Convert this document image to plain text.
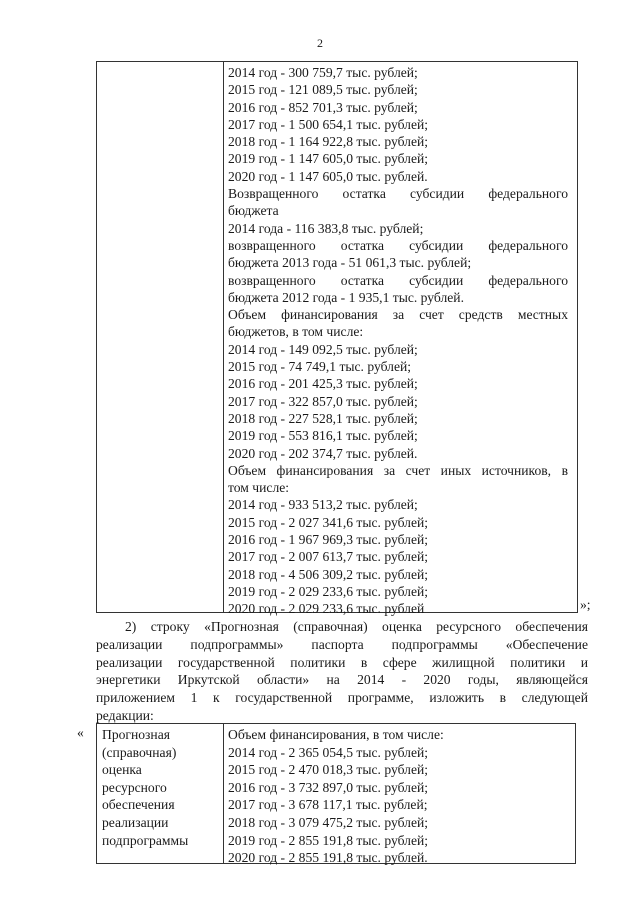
2
2014 год - 300 759,7 тыс. рублей;
2015 год - 121 089,5 тыс. рублей;
2016 год - 852 701,3 тыс. рублей;
2017 год - 1 500 654,1 тыс. рублей;
2018 год - 1 164 922,8 тыс. рублей;
2019 год - 1 147 605,0 тыс. рублей;
2020 год - 1 147 605,0 тыс. рублей.
Возвращенного остатка субсидии федерального
бюджета
2014 года - 116 383,8 тыс. рублей;
возвращенного остатка субсидии федерального
бюджета 2013 года - 51 061,3 тыс. рублей;
возвращенного остатка субсидии федерального
бюджета 2012 года - 1 935,1 тыс. рублей.
Объем финансирования за счет средств местных
бюджетов, в том числе:
2014 год - 149 092,5 тыс. рублей;
2015 год - 74 749,1 тыс. рублей;
2016 год - 201 425,3 тыс. рублей;
2017 год - 322 857,0 тыс. рублей;
2018 год - 227 528,1 тыс. рублей;
2019 год - 553 816,1 тыс. рублей;
2020 год - 202 374,7 тыс. рублей.
Объем финансирования за счет иных источников, в
том числе:
2014 год - 933 513,2 тыс. рублей;
2015 год - 2 027 341,6 тыс. рублей;
2016 год - 1 967 969,3 тыс. рублей;
2017 год - 2 007 613,7 тыс. рублей;
2018 год - 4 506 309,2 тыс. рублей;
2019 год - 2 029 233,6 тыс. рублей;
2020 год - 2 029 233,6 тыс. рублей	»;
2) строку «Прогнозная (справочная) оценка ресурсного обеспечения
реализации подпрограммы» паспорта подпрограммы «Обеспечение
реализации государственной политики в сфере жилищной политики и
энергетики Иркутской области» на 2014 - 2020 годы, являющейся
приложением 1 к государственной программе, изложить в следующей
редакции:
« Прогнозная
(справочная)
оценка
ресурсного
обеспечения
реализации
подпрограммы
Объем финансирования, в том числе:
2014 год - 2 365 054,5 тыс. рублей;
2015 год - 2 470 018,3 тыс. рублей;
2016 год - 3 732 897,0 тыс. рублей;
2017 год - 3 678 117,1 тыс. рублей;
2018 год - 3 079 475,2 тыс. рублей;
2019 год - 2 855 191,8 тыс. рублей;
2020 год - 2 855 191,8 тыс. рублей.
